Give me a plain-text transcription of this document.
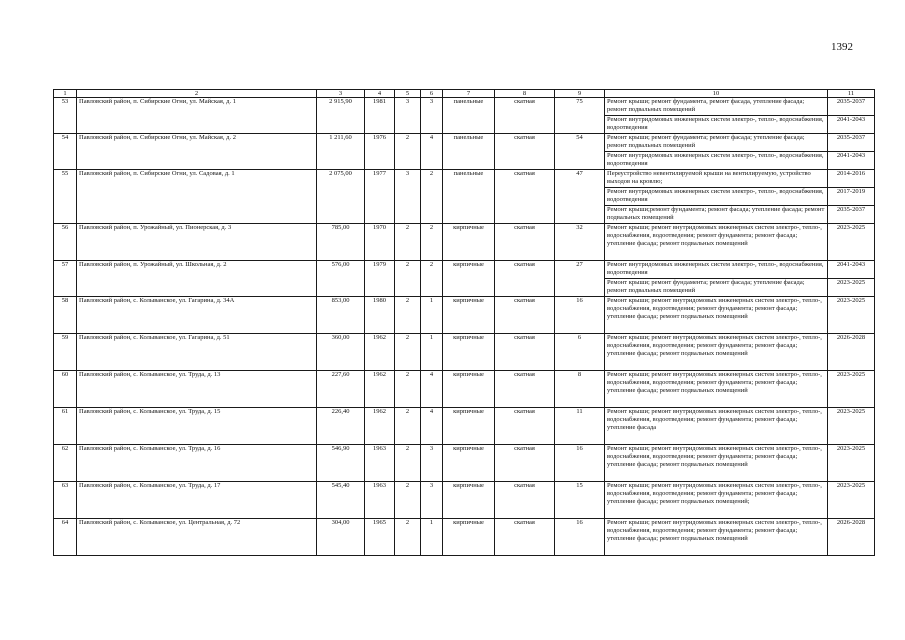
1392
1	2	3	4	5	6	7	8	9	10	11
53	Павловский район, п. Сибирские Огни, ул. Майская, д. 1	2 915,90	1981	3	3	панельные	скатная	75	Ремонт крыши; ремонт фундамента, ремонт фасада, утепление фасада; ремонт подвальных помещений	2035-2037
									Ремонт внутридомовых инженерных систем электро-, тепло-, водоснабжения, водоотведения	2041-2043
54	Павловский район, п. Сибирские Огни, ул. Майская, д. 2	1 211,60	1976	2	4	панельные	скатная	54	Ремонт крыши; ремонт фундамента; ремонт фасада; утепление фасада; ремонт подвальных помещений	2035-2037
									Ремонт внутридомовых инженерных систем электро-, тепло-, водоснабжения, водоотведения	2041-2043
55	Павловский район, п. Сибирские Огни, ул. Садовая, д. 1	2 075,00	1977	3	2	панельные	скатная	47	Переустройство невентилируемой крыши на вентилируемую, устройство выходов на кровлю;	2014-2016
									Ремонт внутридомовых инженерных систем электро-, тепло-, водоснабжения, водоотведения	2017-2019
									Ремонт крыши;ремонт фундамента; ремонт фасада; утепление фасада; ремонт подвальных помещений	2035-2037
56	Павловский район, п. Урожайный, ул. Пионерская, д. 3	785,00	1970	2	2	кирпичные	скатная	32	Ремонт крыши; ремонт внутридомовых инженерных систем электро-, тепло-, водоснабжения, водоотведения; ремонт фундамента; ремонт фасада; утепление фасада; ремонт подвальных помещений	2023-2025
57	Павловский район, п. Урожайный, ул. Школьная, д. 2	576,00	1979	2	2	кирпичные	скатная	27	Ремонт внутридомовых инженерных систем электро-, тепло-, водоснабжения, водоотведения	2041-2043
									Ремонт крыши; ремонт фундамента; ремонт фасада; утепление фасада; ремонт подвальных помещений	2023-2025
58	Павловский район, с. Колыванское, ул. Гагарина, д. 34А	853,00	1980	2	1	кирпичные	скатная	16	Ремонт крыши; ремонт внутридомовых инженерных систем электро-, тепло-, водоснабжения, водоотведения; ремонт фундамента; ремонт фасада; утепление фасада; ремонт подвальных помещений	2023-2025
59	Павловский район, с. Колыванское, ул. Гагарина, д. 51	360,00	1962	2	1	кирпичные	скатная	6	Ремонт крыши; ремонт внутридомовых инженерных систем электро-, тепло-, водоснабжения, водоотведения; ремонт фундамента; ремонт фасада; утепление фасада; ремонт подвальных помещений	2026-2028
60	Павловский район, с. Колыванское, ул. Труда, д. 13	227,60	1962	2	4	кирпичные	скатная	8	Ремонт крыши; ремонт внутридомовых инженерных систем электро-, тепло-, водоснабжения, водоотведения; ремонт фундамента; ремонт фасада; утепление фасада; ремонт подвальных помещений	2023-2025
61	Павловский район, с. Колыванское, ул. Труда, д. 15	226,40	1962	2	4	кирпичные	скатная	11	Ремонт крыши; ремонт внутридомовых инженерных систем электро-, тепло-, водоснабжения, водоотведения; ремонт фундамента; ремонт фасада; утепление фасада	2023-2025
62	Павловский район, с. Колыванское, ул. Труда, д. 16	546,90	1963	2	3	кирпичные	скатная	16	Ремонт крыши; ремонт внутридомовых инженерных систем электро-, тепло-, водоснабжения, водоотведения; ремонт фундамента; ремонт фасада; утепление фасада; ремонт подвальных помещений	2023-2025
63	Павловский район, с. Колыванское, ул. Труда, д. 17	545,40	1963	2	3	кирпичные	скатная	15	Ремонт крыши; ремонт внутридомовых инженерных систем электро-, тепло-, водоснабжения, водоотведения; ремонт фундамента; ремонт фасада; утепление фасада; ремонт подвальных помещений;	2023-2025
64	Павловский район, с. Колыванское, ул. Центральная, д. 72	304,00	1965	2	1	кирпичные	скатная	16	Ремонт крыши; ремонт внутридомовых инженерных систем электро-, тепло-, водоснабжения, водоотведения; ремонт фундамента; ремонт фасада; утепление фасада; ремонт подвальных помещений	2026-2028
